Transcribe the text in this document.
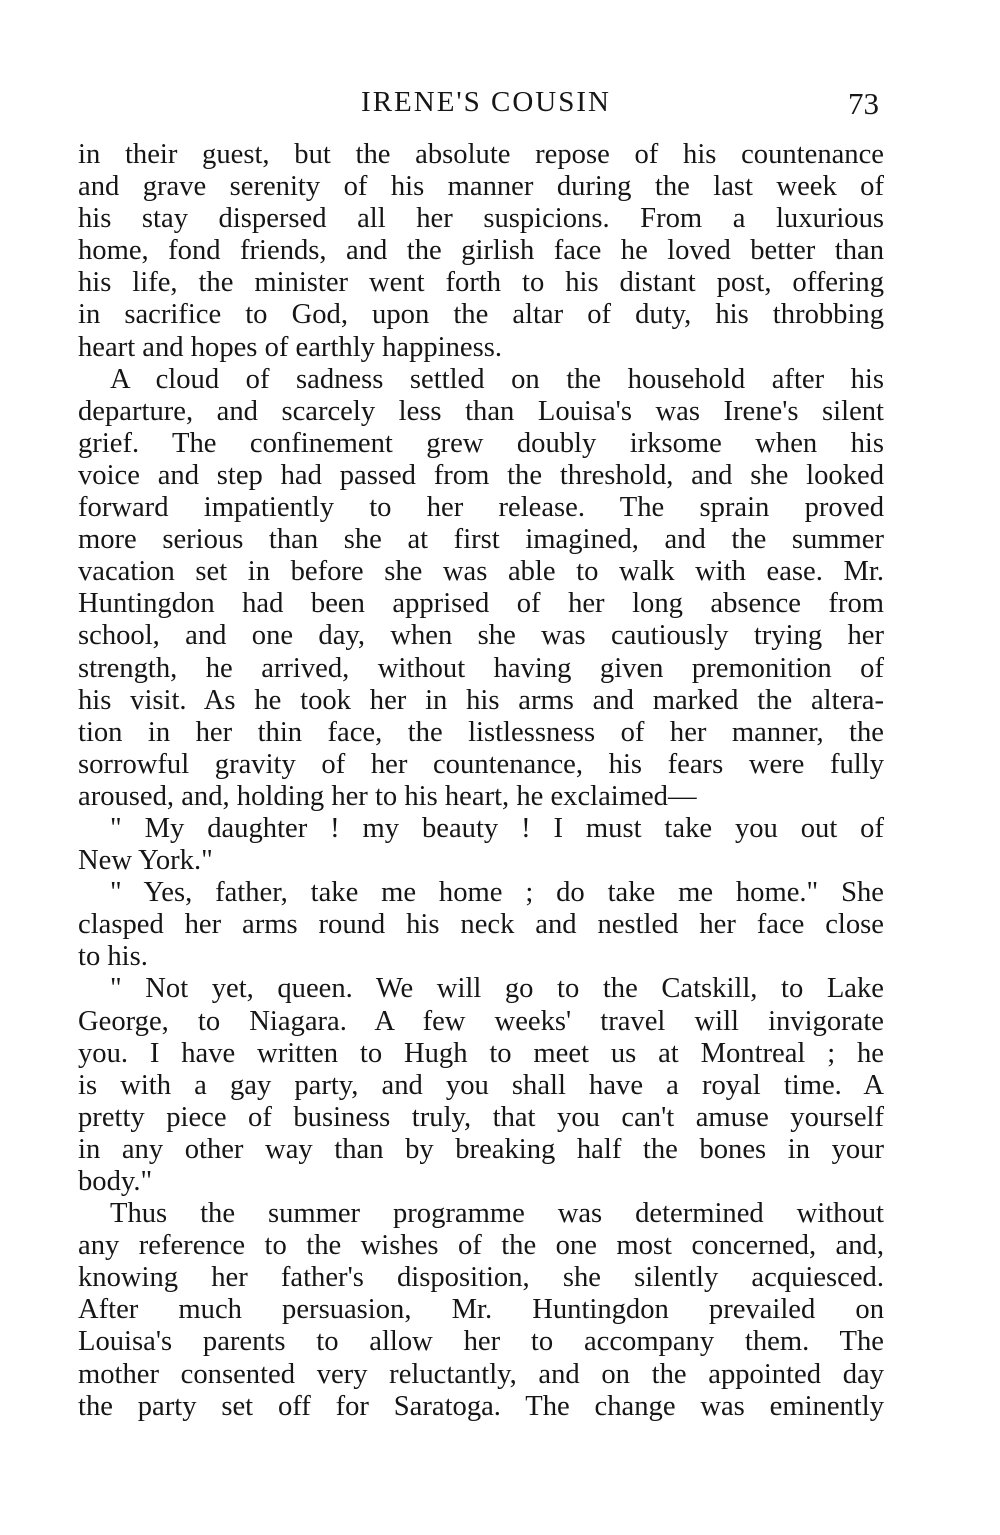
IRENE'S COUSIN	73
in their guest, but the absolute repose of his countenance
and grave serenity of his manner during the last week of
his stay dispersed all her suspicions. From a luxurious
home, fond friends, and the girlish face he loved better than
his life, the minister went forth to his distant post, offering
in sacrifice to God, upon the altar of duty, his throbbing
heart and hopes of earthly happiness.
A cloud of sadness settled on the household after his
departure, and scarcely less than Louisa's was Irene's silent
grief. The confinement grew doubly irksome when his
voice and step had passed from the threshold, and she looked
forward impatiently to her release. The sprain proved
more serious than she at first imagined, and the summer
vacation set in before she was able to walk with ease. Mr.
Huntingdon had been apprised of her long absence from
school, and one day, when she was cautiously trying her
strength, he arrived, without having given premonition of
his visit. As he took her in his arms and marked the altera-
tion in her thin face, the listlessness of her manner, the
sorrowful gravity of her countenance, his fears were fully
aroused, and, holding her to his heart, he exclaimed—
" My daughter ! my beauty ! I must take you out of
New York."
" Yes, father, take me home ; do take me home." She
clasped her arms round his neck and nestled her face close
to his.
" Not yet, queen. We will go to the Catskill, to Lake
George, to Niagara. A few weeks' travel will invigorate
you. I have written to Hugh to meet us at Montreal ; he
is with a gay party, and you shall have a royal time. A
pretty piece of business truly, that you can't amuse yourself
in any other way than by breaking half the bones in your
body."
Thus the summer programme was determined without
any reference to the wishes of the one most concerned, and,
knowing her father's disposition, she silently acquiesced.
After much persuasion, Mr. Huntingdon prevailed on
Louisa's parents to allow her to accompany them. The
mother consented very reluctantly, and on the appointed day
the party set off for Saratoga. The change was eminently
